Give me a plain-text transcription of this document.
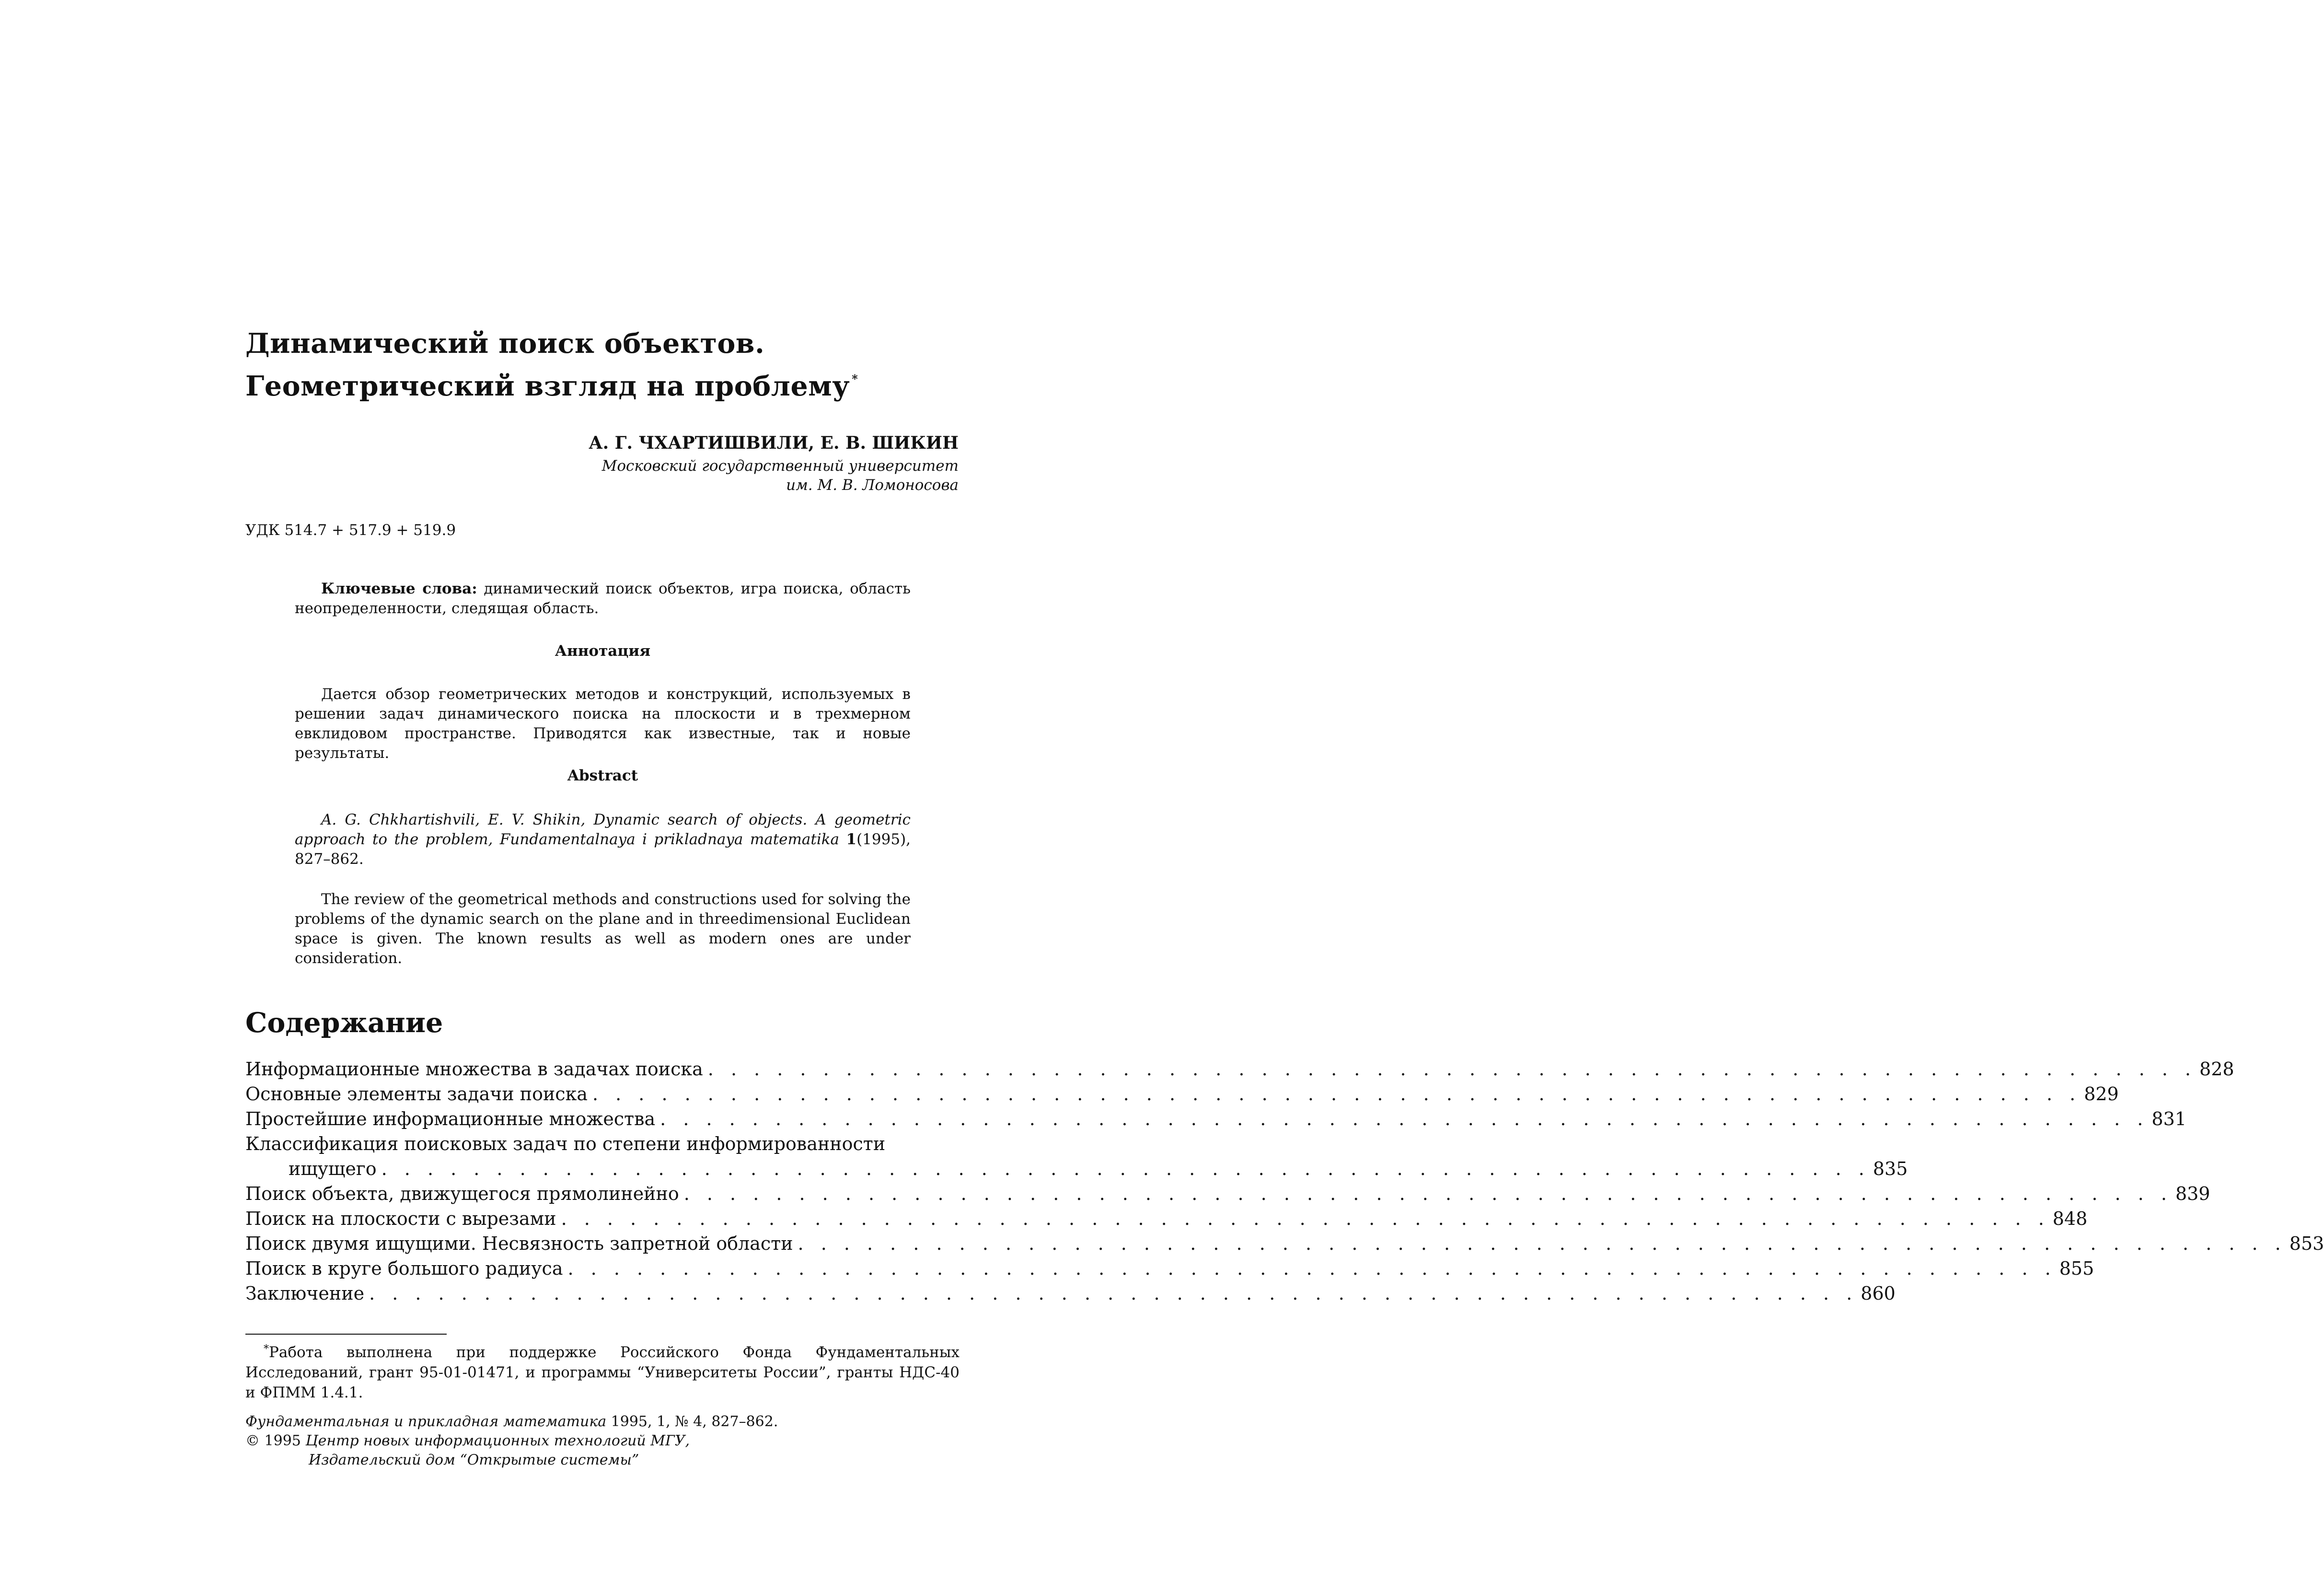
Динамический поиск объектов.
Геометрический взгляд на проблему *
А. Г. ЧХАРТИШВИЛИ, Е. В. ШИКИН
Московский государственный университет
им. М. В. Ломоносова
УДК 514.7 + 517.9 + 519.9
Ключевые слова: динамический поиск объектов, игра поиска, область неопределенности, следящая область.
Аннотация
Дается обзор геометрических методов и конструкций, используемых в решении задач динамического поиска на плоскости и в трехмерном евклидовом пространстве. Приводятся как известные, так и новые результаты.
Abstract
A. G. Chkhartishvili, E. V. Shikin, Dynamic search of objects. A geometric approach to the problem, Fundamentalnaya i prikladnaya matematika 1(1995), 827–862.
The review of the geometrical methods and constructions used for solving the problems of the dynamic search on the plane and in threedimensional Euclidean space is given. The known results as well as modern ones are under consideration.
Содержание
Информационные множества в задачах поиска . . . . . . . . . . . . . . . . . . . . . . . . . . . . . . . . . . . . . . . . . . . . . . . . . . . . . . . . . . . . . . . . . 828
Основные элементы задачи поиска . . . . . . . . . . . . . . . . . . . . . . . . . . . . . . . . . . . . . . . . . . . . . . . . . . . . . . . . . . . . . . . . . 829
Простейшие информационные множества . . . . . . . . . . . . . . . . . . . . . . . . . . . . . . . . . . . . . . . . . . . . . . . . . . . . . . . . . . . . . . . . . 831
Классификация поисковых задач по степени информированности
ищущего . . . . . . . . . . . . . . . . . . . . . . . . . . . . . . . . . . . . . . . . . . . . . . . . . . . . . . . . . . . . . . . . . 835
Поиск объекта, движущегося прямолинейно . . . . . . . . . . . . . . . . . . . . . . . . . . . . . . . . . . . . . . . . . . . . . . . . . . . . . . . . . . . . . . . . . 839
Поиск на плоскости с вырезами . . . . . . . . . . . . . . . . . . . . . . . . . . . . . . . . . . . . . . . . . . . . . . . . . . . . . . . . . . . . . . . . . 848
Поиск двумя ищущими. Несвязность запретной области . . . . . . . . . . . . . . . . . . . . . . . . . . . . . . . . . . . . . . . . . . . . . . . . . . . . . . . . . . . . . . . . . 853
Поиск в круге большого радиуса . . . . . . . . . . . . . . . . . . . . . . . . . . . . . . . . . . . . . . . . . . . . . . . . . . . . . . . . . . . . . . . . . 855
Заключение . . . . . . . . . . . . . . . . . . . . . . . . . . . . . . . . . . . . . . . . . . . . . . . . . . . . . . . . . . . . . . . . . 860
*Работа выполнена при поддержке Российского Фонда Фундаментальных Исследований, грант 95-01-01471, и программы “Университеты России”, гранты НДС-40 и ФПММ 1.4.1.
Фундаментальная и прикладная математика 1995, 1, № 4, 827–862.
© 1995 Центр новых информационных технологий МГУ,
Издательский дом “Открытые системы”
